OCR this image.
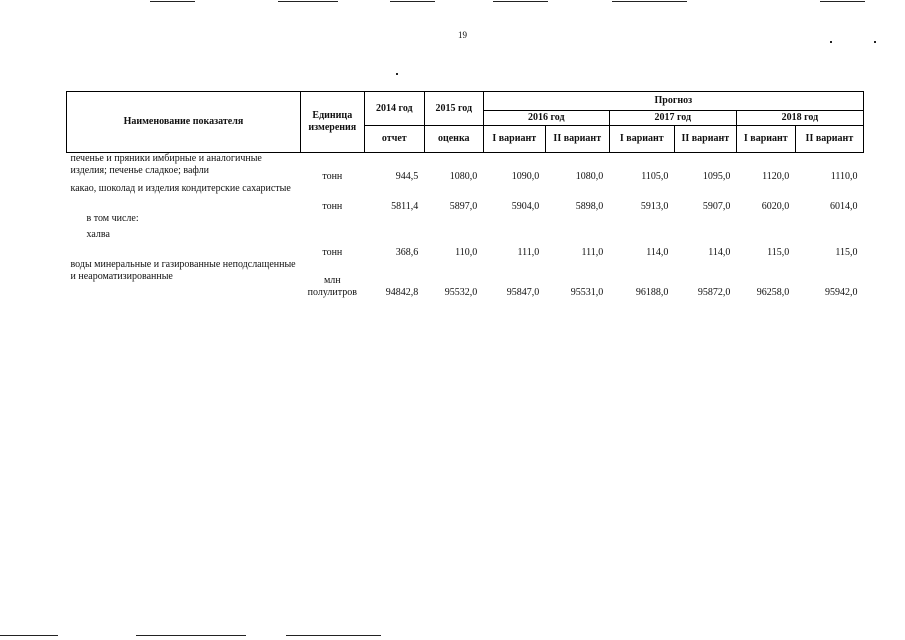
19
Наименование показателя	Единица измерения	2014 год	2015 год	Прогноз					
				2016 год		2017 год		2018 год	
		отчет	оценка	I вариант	II вариант	I вариант	II вариант	I вариант	II вариант
печенье и пряники имбирные и аналогичные изделия; печенье сладкое; вафли	тонн	944,5	1080,0	1090,0	1080,0	1105,0	1095,0	1120,0	1110,0
какао, шоколад и изделия кондитерские сахаристые	тонн	5811,4	5897,0	5904,0	5898,0	5913,0	5907,0	6020,0	6014,0
в том числе:									
халва	тонн	368,6	110,0	111,0	111,0	114,0	114,0	115,0	115,0
воды минеральные и газированные неподслащенные и неароматизированные	млн полулитров	94842,8	95532,0	95847,0	95531,0	96188,0	95872,0	96258,0	95942,0
